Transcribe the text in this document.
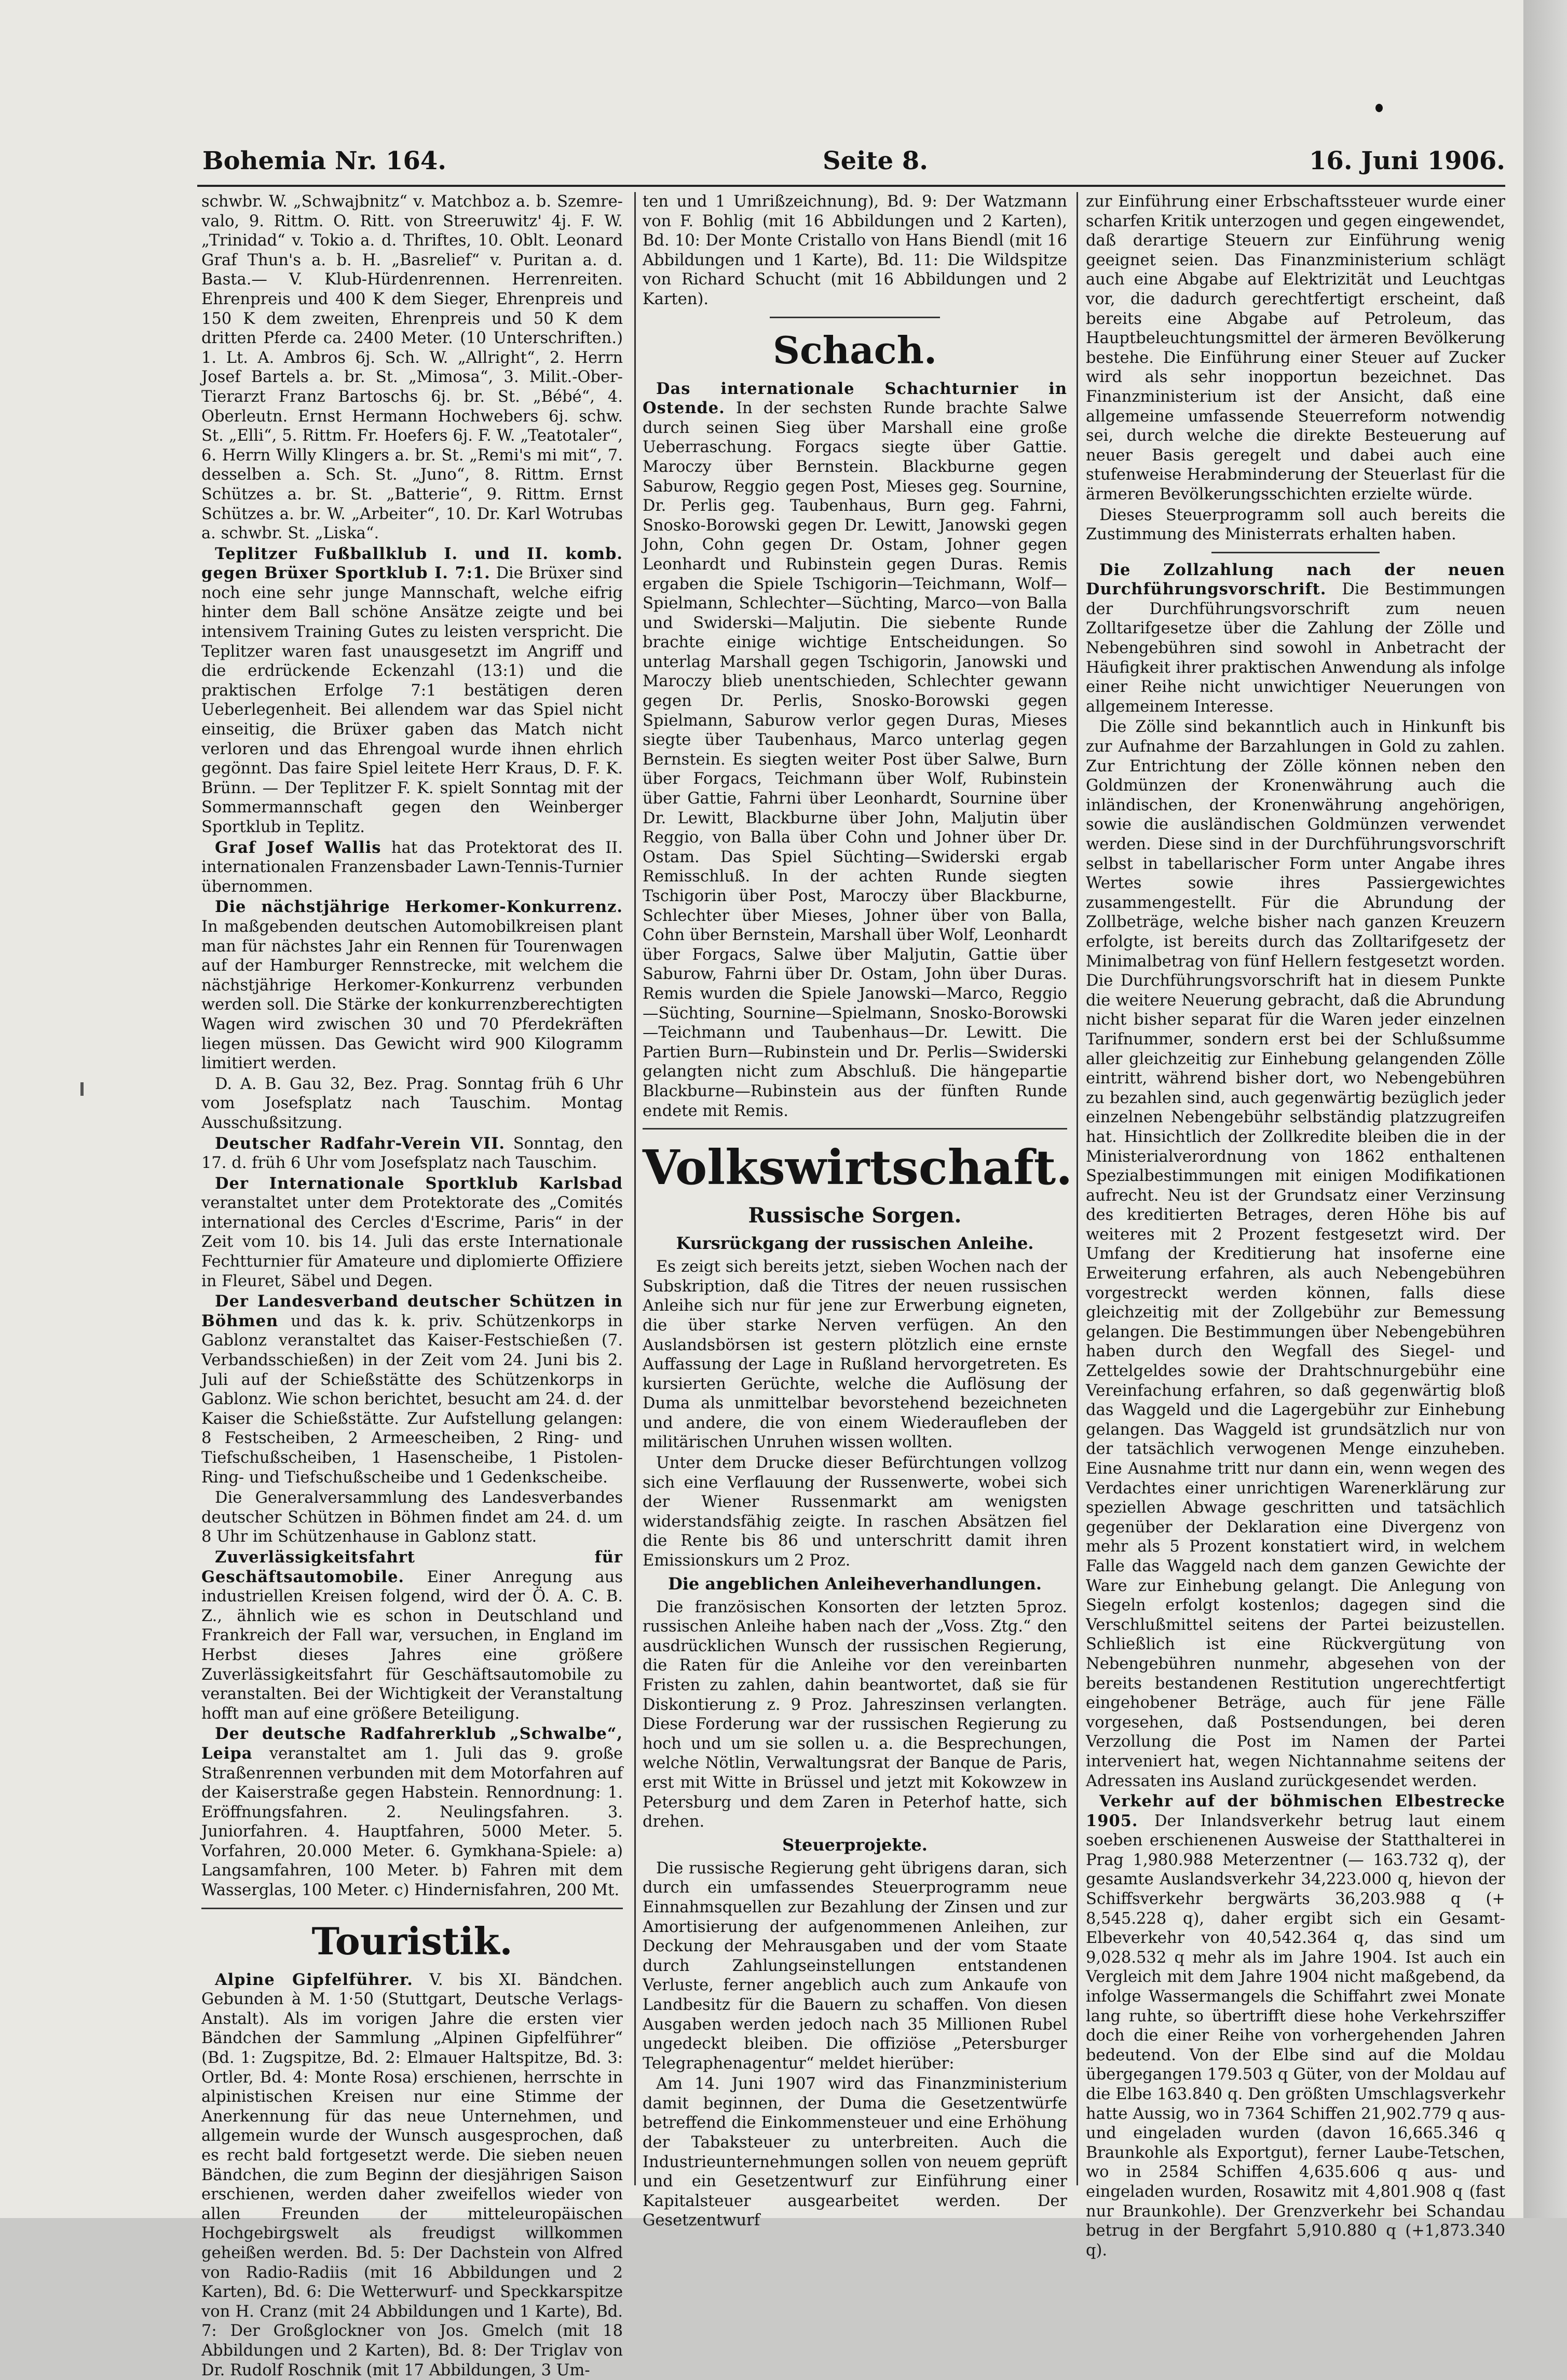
Bohemia Nr. 164.	Seite 8.	16. Juni 1906.

schwbr. W. „Schwajbnitz“ v. Matchboz a. b. Szemre-valo, 9. Rittm. O. Ritt. von Streeruwitz' 4j. F. W. „Trinidad“ v. Tokio a. d. Thriftes, 10. Oblt. Leonard Graf Thun's a. b. H. „Basrelief“ v. Puritan a. d. Basta.— V. Klub-Hürdenrennen. Herrenreiten. Ehrenpreis und 400 K dem Sieger, Ehrenpreis und 150 K dem zweiten, Ehrenpreis und 50 K dem dritten Pferde ca. 2400 Meter. (10 Unterschriften.) 1. Lt. A. Ambros 6j. Sch. W. „Allright“, 2. Herrn Josef Bartels a. br. St. „Mimosa“, 3. Milit.-Ober-Tierarzt Franz Bartoschs 6j. br. St. „Bébé“, 4. Oberleutn. Ernst Hermann Hochwebers 6j. schw. St. „Elli“, 5. Rittm. Fr. Hoefers 6j. F. W. „Teatotaler“, 6. Herrn Willy Klingers a. br. St. „Remi's mi mit“, 7. desselben a. Sch. St. „Juno“, 8. Rittm. Ernst Schützes a. br. St. „Batterie“, 9. Rittm. Ernst Schützes a. br. W. „Arbeiter“, 10. Dr. Karl Wotrubas a. schwbr. St. „Liska“.

Teplitzer Fußballklub I. und II. komb. gegen Brüxer Sportklub I. 7:1. Die Brüxer sind noch eine sehr junge Mannschaft, welche eifrig hinter dem Ball schöne Ansätze zeigte und bei intensivem Training Gutes zu leisten verspricht. Die Teplitzer waren fast unausgesetzt im Angriff und die erdrückende Eckenzahl (13:1) und die praktischen Erfolge 7:1 bestätigen deren Ueberlegenheit. Bei allendem war das Spiel nicht einseitig, die Brüxer gaben das Match nicht verloren und das Ehrengoal wurde ihnen ehrlich gegönnt. Das faire Spiel leitete Herr Kraus, D. F. K. Brünn. — Der Teplitzer F. K. spielt Sonntag mit der Sommermannschaft gegen den Weinberger Sportklub in Teplitz.

Graf Josef Wallis hat das Protektorat des II. internationalen Franzensbader Lawn-Tennis-Turnier übernommen.

Die nächstjährige Herkomer-Konkurrenz. In maßgebenden deutschen Automobilkreisen plant man für nächstes Jahr ein Rennen für Tourenwagen auf der Hamburger Rennstrecke, mit welchem die nächstjährige Herkomer-Konkurrenz verbunden werden soll. Die Stärke der konkurrenzberechtigten Wagen wird zwischen 30 und 70 Pferdekräften liegen müssen. Das Gewicht wird 900 Kilogramm limitiert werden.

D. A. B. Gau 32, Bez. Prag. Sonntag früh 6 Uhr vom Josefsplatz nach Tauschim. Montag Ausschußsitzung.

Deutscher Radfahr-Verein VII. Sonntag, den 17. d. früh 6 Uhr vom Josefsplatz nach Tauschim.

Der Internationale Sportklub Karlsbad veranstaltet unter dem Protektorate des „Comités international des Cercles d'Escrime, Paris“ in der Zeit vom 10. bis 14. Juli das erste Internationale Fechtturnier für Amateure und diplomierte Offiziere in Fleuret, Säbel und Degen.

Der Landesverband deutscher Schützen in Böhmen und das k. k. priv. Schützenkorps in Gablonz veranstaltet das Kaiser-Festschießen (7. Verbandsschießen) in der Zeit vom 24. Juni bis 2. Juli auf der Schießstätte des Schützenkorps in Gablonz. Wie schon berichtet, besucht am 24. d. der Kaiser die Schießstätte. Zur Aufstellung gelangen: 8 Festscheiben, 2 Armeescheiben, 2 Ring- und Tiefschußscheiben, 1 Hasenscheibe, 1 Pistolen-Ring- und Tiefschußscheibe und 1 Gedenkscheibe.

Die Generalversammlung des Landesverbandes deutscher Schützen in Böhmen findet am 24. d. um 8 Uhr im Schützenhause in Gablonz statt.

Zuverlässigkeitsfahrt für Geschäftsautomobile. Einer Anregung aus industriellen Kreisen folgend, wird der Ö. A. C. B. Z., ähnlich wie es schon in Deutschland und Frankreich der Fall war, versuchen, in England im Herbst dieses Jahres eine größere Zuverlässigkeitsfahrt für Geschäftsautomobile zu veranstalten. Bei der Wichtigkeit der Veranstaltung hofft man auf eine größere Beteiligung.

Der deutsche Radfahrerklub „Schwalbe“, Leipa veranstaltet am 1. Juli das 9. große Straßenrennen verbunden mit dem Motorfahren auf der Kaiserstraße gegen Habstein. Rennordnung: 1. Eröffnungsfahren. 2. Neulingsfahren. 3. Juniorfahren. 4. Hauptfahren, 5000 Meter. 5. Vorfahren, 20.000 Meter. 6. Gymkhana-Spiele: a) Langsamfahren, 100 Meter. b) Fahren mit dem Wasserglas, 100 Meter. c) Hindernisfahren, 200 Mt.

Touristik.

Alpine Gipfelführer. V. bis XI. Bändchen. Gebunden à M. 1·50 (Stuttgart, Deutsche Verlags-Anstalt). Als im vorigen Jahre die ersten vier Bändchen der Sammlung „Alpinen Gipfelführer“ (Bd. 1: Zugspitze, Bd. 2: Elmauer Haltspitze, Bd. 3: Ortler, Bd. 4: Monte Rosa) erschienen, herrschte in alpinistischen Kreisen nur eine Stimme der Anerkennung für das neue Unternehmen, und allgemein wurde der Wunsch ausgesprochen, daß es recht bald fortgesetzt werde. Die sieben neuen Bändchen, die zum Beginn der diesjährigen Saison erschienen, werden daher zweifellos wieder von allen Freunden der mitteleuropäischen Hochgebirgswelt als freudigst willkommen geheißen werden. Bd. 5: Der Dachstein von Alfred von Radio-Radiis (mit 16 Abbildungen und 2 Karten), Bd. 6: Die Wetterwurf- und Speckkarspitze von H. Cranz (mit 24 Abbildungen und 1 Karte), Bd. 7: Der Großglockner von Jos. Gmelch (mit 18 Abbildungen und 2 Karten), Bd. 8: Der Triglav von Dr. Rudolf Roschnik (mit 17 Abbildungen, 3 Um-

ten und 1 Umrißzeichnung), Bd. 9: Der Watzmann von F. Bohlig (mit 16 Abbildungen und 2 Karten), Bd. 10: Der Monte Cristallo von Hans Biendl (mit 16 Abbildungen und 1 Karte), Bd. 11: Die Wildspitze von Richard Schucht (mit 16 Abbildungen und 2 Karten).

Schach.

Das internationale Schachturnier in Ostende. In der sechsten Runde brachte Salwe durch seinen Sieg über Marshall eine große Ueberraschung. Forgacs siegte über Gattie. Maroczy über Bernstein. Blackburne gegen Saburow, Reggio gegen Post, Mieses geg. Sournine, Dr. Perlis geg. Taubenhaus, Burn geg. Fahrni, Snosko-Borowski gegen Dr. Lewitt, Janowski gegen John, Cohn gegen Dr. Ostam, Johner gegen Leonhardt und Rubinstein gegen Duras. Remis ergaben die Spiele Tschigorin—Teichmann, Wolf—Spielmann, Schlechter—Süchting, Marco—von Balla und Swiderski—Maljutin. Die siebente Runde brachte einige wichtige Entscheidungen. So unterlag Marshall gegen Tschigorin, Janowski und Maroczy blieb unentschieden, Schlechter gewann gegen Dr. Perlis, Snosko-Borowski gegen Spielmann, Saburow verlor gegen Duras, Mieses siegte über Taubenhaus, Marco unterlag gegen Bernstein. Es siegten weiter Post über Salwe, Burn über Forgacs, Teichmann über Wolf, Rubinstein über Gattie, Fahrni über Leonhardt, Sournine über Dr. Lewitt, Blackburne über John, Maljutin über Reggio, von Balla über Cohn und Johner über Dr. Ostam. Das Spiel Süchting—Swiderski ergab Remisschluß. In der achten Runde siegten Tschigorin über Post, Maroczy über Blackburne, Schlechter über Mieses, Johner über von Balla, Cohn über Bernstein, Marshall über Wolf, Leonhardt über Forgacs, Salwe über Maljutin, Gattie über Saburow, Fahrni über Dr. Ostam, John über Duras. Remis wurden die Spiele Janowski—Marco, Reggio—Süchting, Sournine—Spielmann, Snosko-Borowski—Teichmann und Taubenhaus—Dr. Lewitt. Die Partien Burn—Rubinstein und Dr. Perlis—Swiderski gelangten nicht zum Abschluß. Die hängepartie Blackburne—Rubinstein aus der fünften Runde endete mit Remis.

Volkswirtschaft.
Russische Sorgen.
Kursrückgang der russischen Anleihe.

Es zeigt sich bereits jetzt, sieben Wochen nach der Subskription, daß die Titres der neuen russischen Anleihe sich nur für jene zur Erwerbung eigneten, die über starke Nerven verfügen. An den Auslandsbörsen ist gestern plötzlich eine ernste Auffassung der Lage in Rußland hervorgetreten. Es kursierten Gerüchte, welche die Auflösung der Duma als unmittelbar bevorstehend bezeichneten und andere, die von einem Wiederaufleben der militärischen Unruhen wissen wollten.

Unter dem Drucke dieser Befürchtungen vollzog sich eine Verflauung der Russenwerte, wobei sich der Wiener Russenmarkt am wenigsten widerstandsfähig zeigte. In raschen Absätzen fiel die Rente bis 86 und unterschritt damit ihren Emissionskurs um 2 Proz.

Die angeblichen Anleiheverhandlungen.

Die französischen Konsorten der letzten 5proz. russischen Anleihe haben nach der „Voss. Ztg.“ den ausdrücklichen Wunsch der russischen Regierung, die Raten für die Anleihe vor den vereinbarten Fristen zu zahlen, dahin beantwortet, daß sie für Diskontierung z. 9 Proz. Jahreszinsen verlangten. Diese Forderung war der russischen Regierung zu hoch und um sie sollen u. a. die Besprechungen, welche Nötlin, Verwaltungsrat der Banque de Paris, erst mit Witte in Brüssel und jetzt mit Kokowzew in Petersburg und dem Zaren in Peterhof hatte, sich drehen.

Steuerprojekte.

Die russische Regierung geht übrigens daran, sich durch ein umfassendes Steuerprogramm neue Einnahmsquellen zur Bezahlung der Zinsen und zur Amortisierung der aufgenommenen Anleihen, zur Deckung der Mehrausgaben und der vom Staate durch Zahlungseinstellungen entstandenen Verluste, ferner angeblich auch zum Ankaufe von Landbesitz für die Bauern zu schaffen. Von diesen Ausgaben werden jedoch nach 35 Millionen Rubel ungedeckt bleiben. Die offiziöse „Petersburger Telegraphenagentur“ meldet hierüber:

Am 14. Juni 1907 wird das Finanzministerium damit beginnen, der Duma die Gesetzentwürfe betreffend die Einkommensteuer und eine Erhöhung der Tabaksteuer zu unterbreiten. Auch die Industrieunternehmungen sollen von neuem geprüft und ein Gesetzentwurf zur Einführung einer Kapitalsteuer ausgearbeitet werden. Der Gesetzentwurf

zur Einführung einer Erbschaftssteuer wurde einer scharfen Kritik unterzogen und gegen eingewendet, daß derartige Steuern zur Einführung wenig geeignet seien. Das Finanzministerium schlägt auch eine Abgabe auf Elektrizität und Leuchtgas vor, die dadurch gerechtfertigt erscheint, daß bereits eine Abgabe auf Petroleum, das Hauptbeleuchtungsmittel der ärmeren Bevölkerung bestehe. Die Einführung einer Steuer auf Zucker wird als sehr inopportun bezeichnet. Das Finanzministerium ist der Ansicht, daß eine allgemeine umfassende Steuerreform notwendig sei, durch welche die direkte Besteuerung auf neuer Basis geregelt und dabei auch eine stufenweise Herabminderung der Steuerlast für die ärmeren Bevölkerungsschichten erzielte würde.

Dieses Steuerprogramm soll auch bereits die Zustimmung des Ministerrats erhalten haben.

Die Zollzahlung nach der neuen Durchführungsvorschrift. Die Bestimmungen der Durchführungsvorschrift zum neuen Zolltarifgesetze über die Zahlung der Zölle und Nebengebühren sind sowohl in Anbetracht der Häufigkeit ihrer praktischen Anwendung als infolge einer Reihe nicht unwichtiger Neuerungen von allgemeinem Interesse.

Die Zölle sind bekanntlich auch in Hinkunft bis zur Aufnahme der Barzahlungen in Gold zu zahlen. Zur Entrichtung der Zölle können neben den Goldmünzen der Kronenwährung auch die inländischen, der Kronenwährung angehörigen, sowie die ausländischen Goldmünzen verwendet werden. Diese sind in der Durchführungsvorschrift selbst in tabellarischer Form unter Angabe ihres Wertes sowie ihres Passiergewichtes zusammengestellt. Für die Abrundung der Zollbeträge, welche bisher nach ganzen Kreuzern erfolgte, ist bereits durch das Zolltarifgesetz der Minimalbetrag von fünf Hellern festgesetzt worden. Die Durchführungsvorschrift hat in diesem Punkte die weitere Neuerung gebracht, daß die Abrundung nicht bisher separat für die Waren jeder einzelnen Tarifnummer, sondern erst bei der Schlußsumme aller gleichzeitig zur Einhebung gelangenden Zölle eintritt, während bisher dort, wo Nebengebühren zu bezahlen sind, auch gegenwärtig bezüglich jeder einzelnen Nebengebühr selbständig platzzugreifen hat. Hinsichtlich der Zollkredite bleiben die in der Ministerialverordnung von 1862 enthaltenen Spezialbestimmungen mit einigen Modifikationen aufrecht. Neu ist der Grundsatz einer Verzinsung des kreditierten Betrages, deren Höhe bis auf weiteres mit 2 Prozent festgesetzt wird. Der Umfang der Kreditierung hat insoferne eine Erweiterung erfahren, als auch Nebengebühren vorgestreckt werden können, falls diese gleichzeitig mit der Zollgebühr zur Bemessung gelangen. Die Bestimmungen über Nebengebühren haben durch den Wegfall des Siegel- und Zettelgeldes sowie der Drahtschnurgebühr eine Vereinfachung erfahren, so daß gegenwärtig bloß das Waggeld und die Lagergebühr zur Einhebung gelangen. Das Waggeld ist grundsätzlich nur von der tatsächlich verwogenen Menge einzuheben. Eine Ausnahme tritt nur dann ein, wenn wegen des Verdachtes einer unrichtigen Warenerklärung zur speziellen Abwage geschritten und tatsächlich gegenüber der Deklaration eine Divergenz von mehr als 5 Prozent konstatiert wird, in welchem Falle das Waggeld nach dem ganzen Gewichte der Ware zur Einhebung gelangt. Die Anlegung von Siegeln erfolgt kostenlos; dagegen sind die Verschlußmittel seitens der Partei beizustellen. Schließlich ist eine Rückvergütung von Nebengebühren nunmehr, abgesehen von der bereits bestandenen Restitution ungerechtfertigt eingehobener Beträge, auch für jene Fälle vorgesehen, daß Postsendungen, bei deren Verzollung die Post im Namen der Partei interveniert hat, wegen Nichtannahme seitens der Adressaten ins Ausland zurückgesendet werden.

Verkehr auf der böhmischen Elbestrecke 1905. Der Inlandsverkehr betrug laut einem soeben erschienenen Ausweise der Statthalterei in Prag 1,980.988 Meterzentner (— 163.732 q), der gesamte Auslandsverkehr 34,223.000 q, hievon der Schiffsverkehr bergwärts 36,203.988 q (+ 8,545.228 q), daher ergibt sich ein Gesamt-Elbeverkehr von 40,542.364 q, das sind um 9,028.532 q mehr als im Jahre 1904. Ist auch ein Vergleich mit dem Jahre 1904 nicht maßgebend, da infolge Wassermangels die Schiffahrt zwei Monate lang ruhte, so übertrifft diese hohe Verkehrsziffer doch die einer Reihe von vorhergehenden Jahren bedeutend. Von der Elbe sind auf die Moldau übergegangen 179.503 q Güter, von der Moldau auf die Elbe 163.840 q. Den größten Umschlagsverkehr hatte Aussig, wo in 7364 Schiffen 21,902.779 q aus- und eingeladen wurden (davon 16,665.346 q Braunkohle als Exportgut), ferner Laube-Tetschen, wo in 2584 Schiffen 4,635.606 q aus- und eingeladen wurden, Rosawitz mit 4,801.908 q (fast nur Braunkohle). Der Grenzverkehr bei Schandau betrug in der Bergfahrt 5,910.880 q (+1,873.340 q).
